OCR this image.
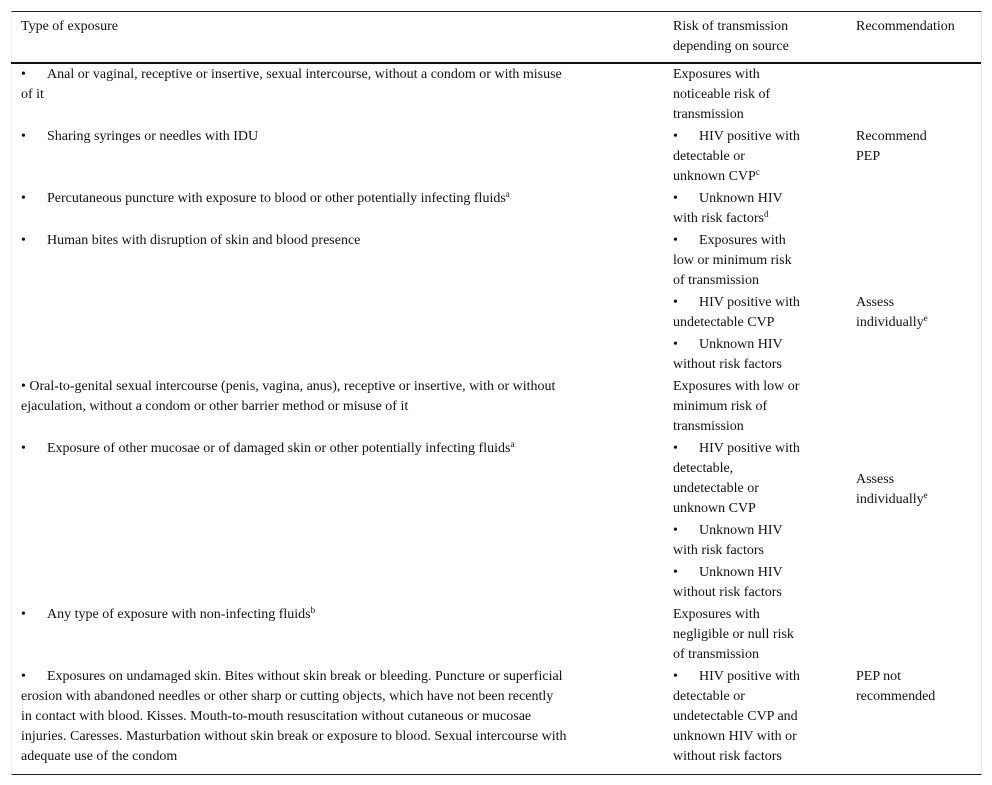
Type of exposure	Risk of transmission
depending on source
Recommendation
• Anal or vaginal, receptive or insertive, sexual intercourse, without a condom or with misuse
of it
• Sharing syringes or needles with IDU
• Percutaneous puncture with exposure to blood or other potentially infecting fluids$^a$
• Human bites with disruption of skin and blood presence
• Oral-to-genital sexual intercourse (penis, vagina, anus), receptive or insertive, with or without
ejaculation, without a condom or other barrier method or misuse of it
• Exposure of other mucosae or of damaged skin or other potentially infecting fluids$^a$
• Any type of exposure with non-infecting fluids$^b$
• Exposures on undamaged skin. Bites without skin break or bleeding. Puncture or superficial
erosion with abandoned needles or other sharp or cutting objects, which have not been recently
in contact with blood. Kisses. Mouth-to-mouth resuscitation without cutaneous or mucosae
injuries. Caresses. Masturbation without skin break or exposure to blood. Sexual intercourse with
adequate use of the condom
Exposures with
noticeable risk of
transmission
• HIV positive with
detectable or
unknown CVP$^c$
• Unknown HIV
with risk factors$^d$
• Exposures with
low or minimum risk
of transmission
• HIV positive with
undetectable CVP
• Unknown HIV
without risk factors
Exposures with low or
minimum risk of
transmission
• HIV positive with
detectable,
undetectable or
unknown CVP
• Unknown HIV
with risk factors
• Unknown HIV
without risk factors
Exposures with
negligible or null risk
of transmission
• HIV positive with
detectable or
undetectable CVP and
unknown HIV with or
without risk factors
Recommend
PEP
Assess
individually$^e$
Assess
individually$^e$
PEP not
recommended
